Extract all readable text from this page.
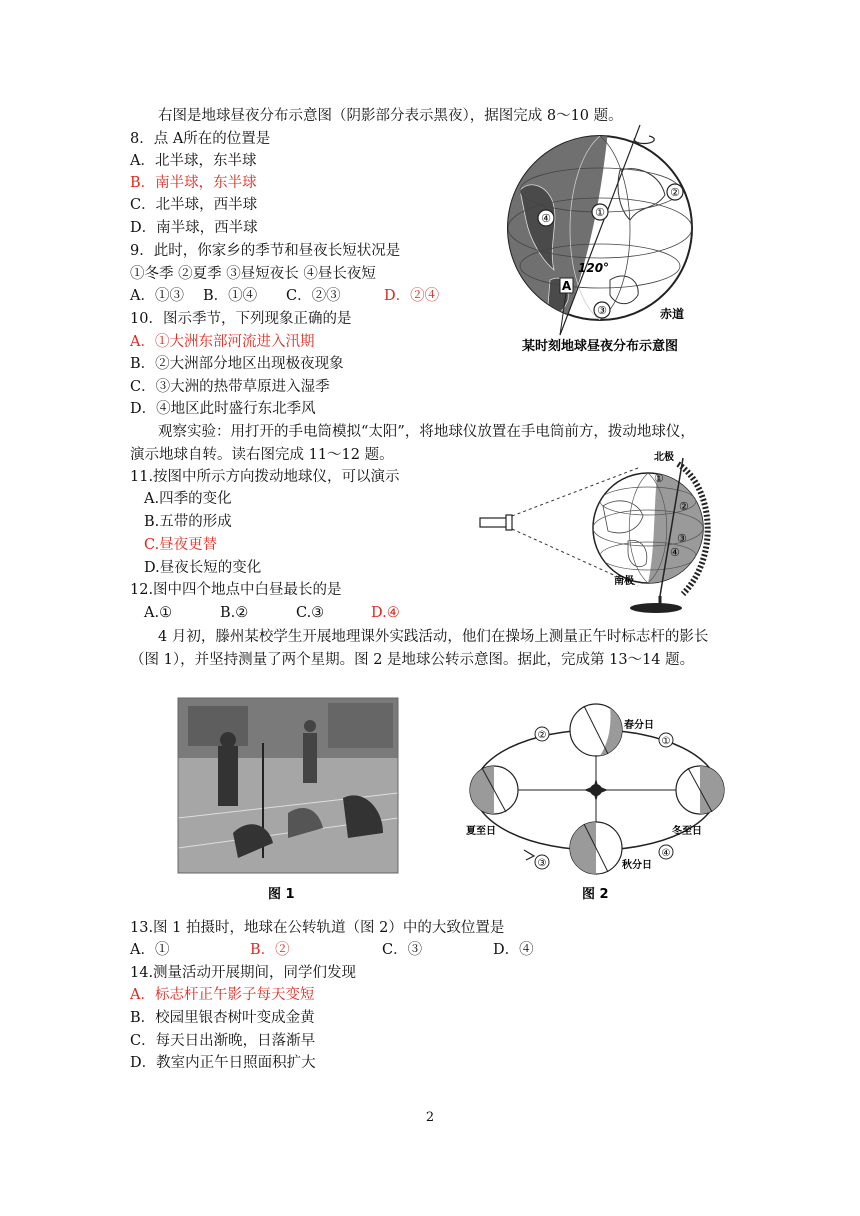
右图是地球昼夜分布示意图（阴影部分表示黑夜），据图完成 8～10 题。
8．点 A所在的位置是
A．北半球，东半球
B．南半球，东半球
C．北半球，西半球
D．南半球，西半球
9．此时，你家乡的季节和昼夜长短状况是
①冬季 ②夏季 ③昼短夜长 ④昼长夜短
A．①③ B．①④ C．②③	D．②④
10．图示季节，下列现象正确的是
A．①大洲东部河流进入汛期
B．②大洲部分地区出现极夜现象
C．③大洲的热带草原进入湿季
D．④地区此时盛行东北季风
①
②
③
④
A
120°
赤道
某时刻地球昼夜分布示意图
观察实验：用打开的手电筒模拟“太阳”，将地球仪放置在手电筒前方，拨动地球仪，
演示地球自转。读右图完成 11～12 题。
11.按图中所示方向拨动地球仪，可以演示
A.四季的变化
B.五带的形成
C.昼夜更替
D.昼夜长短的变化
12.图中四个地点中白昼最长的是
A.①	B.②	C.③	D.④
北极
南极
①
②
③
④
4 月初，滕州某校学生开展地理课外实践活动，他们在操场上测量正午时标志杆的影长
（图 1），并坚持测量了两个星期。图 2 是地球公转示意图。据此，完成第 13～14 题。
图 1
春分日
夏至日	冬至日
秋分日
①
②
③
④
图 2
13.图 1 拍摄时，地球在公转轨道（图 2）中的大致位置是
A．①	B．②	C．③	D．④
14.测量活动开展期间，同学们发现
A．标志杆正午影子每天变短
B．校园里银杏树叶变成金黄
C．每天日出渐晚，日落渐早
D．教室内正午日照面积扩大
2
